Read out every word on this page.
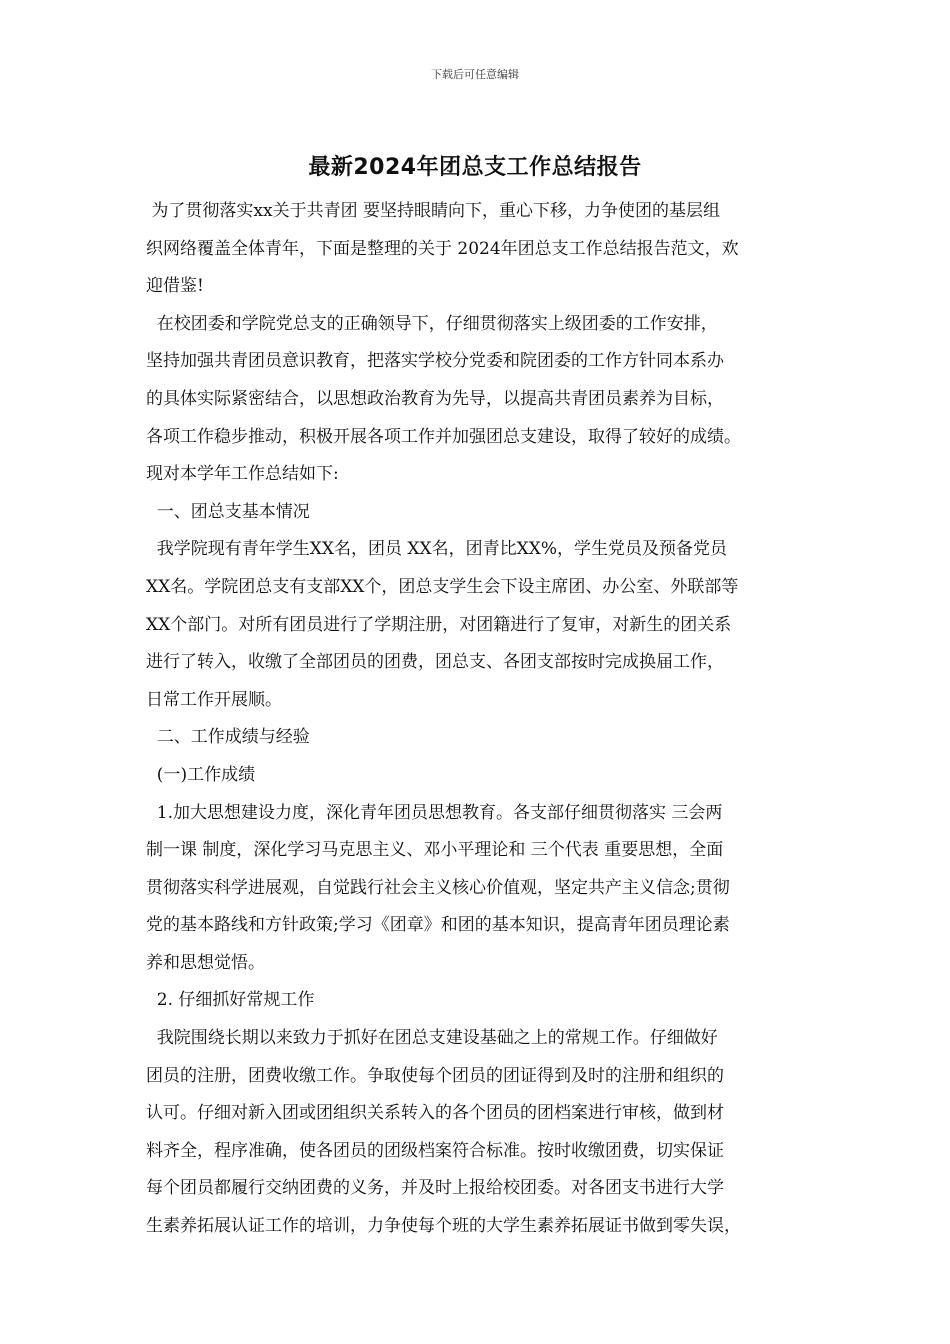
下载后可任意编辑
最新2024年团总支工作总结报告
为了贯彻落实xx关于共青团 要坚持眼睛向下，重心下移，力争使团的基层组
织网络覆盖全体青年，下面是整理的关于 2024年团总支工作总结报告范文，欢
迎借鉴!
在校团委和学院党总支的正确领导下，仔细贯彻落实上级团委的工作安排，
坚持加强共青团员意识教育，把落实学校分党委和院团委的工作方针同本系办
的具体实际紧密结合，以思想政治教育为先导，以提高共青团员素养为目标，
各项工作稳步推动，积极开展各项工作并加强团总支建设，取得了较好的成绩。
现对本学年工作总结如下:
一、团总支基本情况
我学院现有青年学生XX名，团员 XX名，团青比XX%，学生党员及预备党员
XX名。学院团总支有支部XX个，团总支学生会下设主席团、办公室、外联部等
XX个部门。对所有团员进行了学期注册，对团籍进行了复审，对新生的团关系
进行了转入，收缴了全部团员的团费，团总支、各团支部按时完成换届工作，
日常工作开展顺。
二、工作成绩与经验
(一)工作成绩
1.加大思想建设力度，深化青年团员思想教育。各支部仔细贯彻落实 三会两
制一课 制度，深化学习马克思主义、邓小平理论和 三个代表 重要思想，全面
贯彻落实科学进展观，自觉践行社会主义核心价值观，坚定共产主义信念;贯彻
党的基本路线和方针政策;学习《团章》和团的基本知识，提高青年团员理论素
养和思想觉悟。
2. 仔细抓好常规工作
我院围绕长期以来致力于抓好在团总支建设基础之上的常规工作。仔细做好
团员的注册，团费收缴工作。争取使每个团员的团证得到及时的注册和组织的
认可。仔细对新入团或团组织关系转入的各个团员的团档案进行审核，做到材
料齐全，程序准确，使各团员的团级档案符合标准。按时收缴团费，切实保证
每个团员都履行交纳团费的义务，并及时上报给校团委。对各团支书进行大学
生素养拓展认证工作的培训，力争使每个班的大学生素养拓展证书做到零失误，
